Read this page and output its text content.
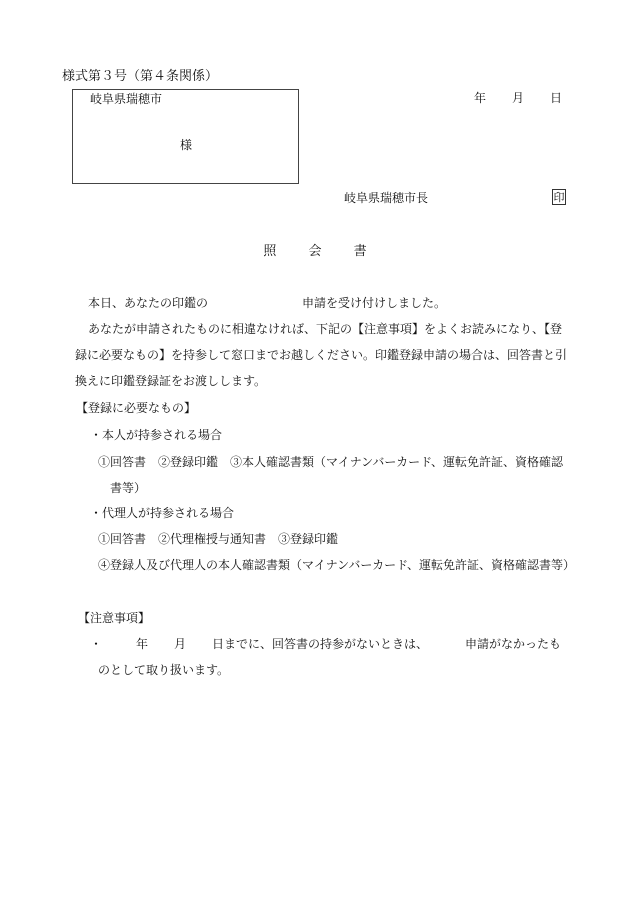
様式第３号（第４条関係）
岐阜県瑞穂市
様
年 月 日
岐阜県瑞穂市長	印
照 会 書
本日、あなたの印鑑の	申請を受け付けしました。
あなたが申請されたものに相違なければ、下記の【注意事項】をよくお読みになり、【登
録に必要なもの】を持参して窓口までお越しください。印鑑登録申請の場合は、回答書と引
換えに印鑑登録証をお渡しします。
【登録に必要なもの】
・本人が持参される場合
①回答書　②登録印鑑　③本人確認書類（マイナンバーカード、運転免許証、資格確認
書等）
・代理人が持参される場合
①回答書　②代理権授与通知書　③登録印鑑
④登録人及び代理人の本人確認書類（マイナンバーカード、運転免許証、資格確認書等）
【注意事項】
・	年 月 日までに、回答書の持参がないときは、	申請がなかったも
のとして取り扱います。
